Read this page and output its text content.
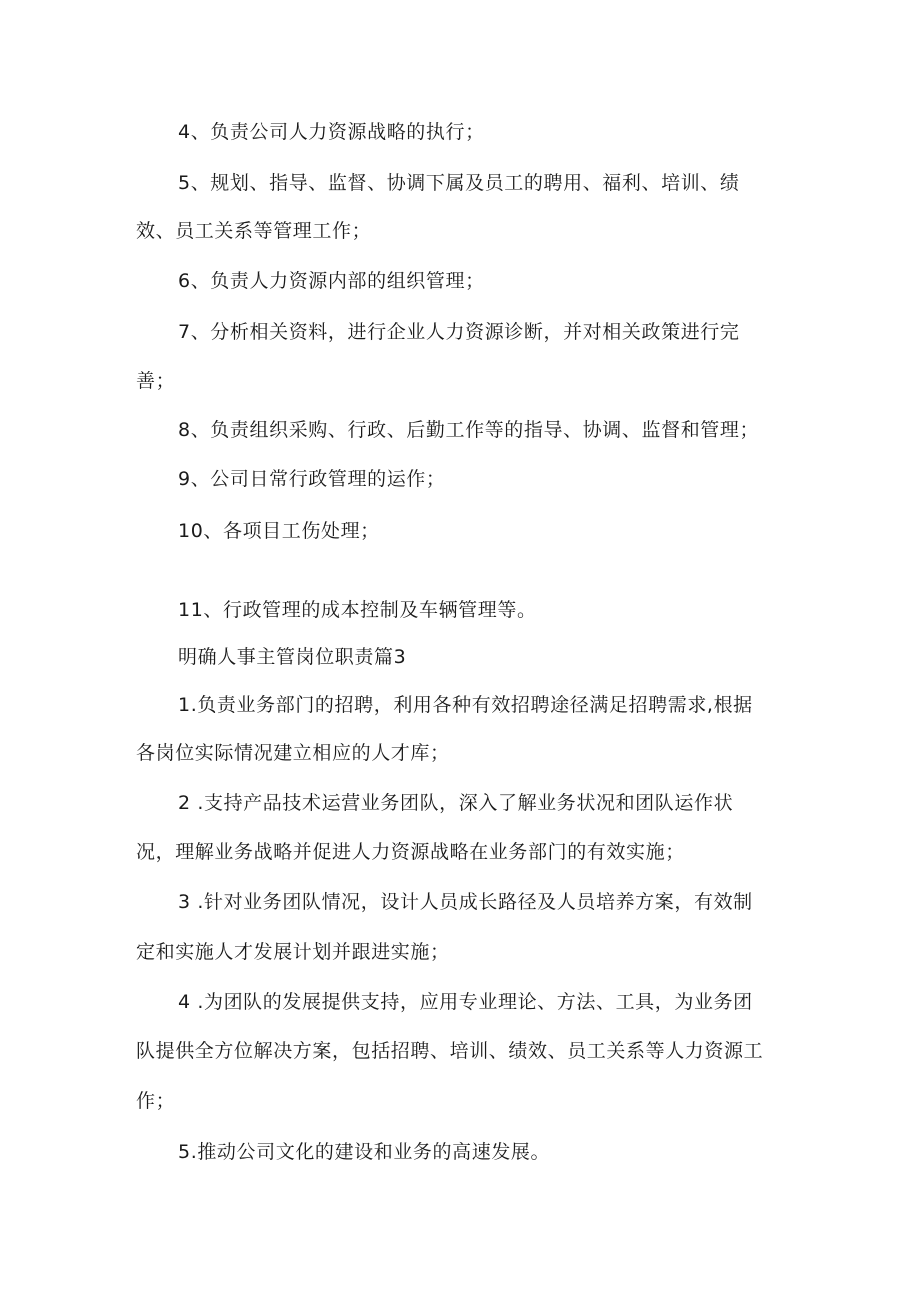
4、负责公司人力资源战略的执行；
5、规划、指导、监督、协调下属及员工的聘用、福利、培训、绩
效、员工关系等管理工作；
6、负责人力资源内部的组织管理；
7、分析相关资料，进行企业人力资源诊断，并对相关政策进行完
善；
8、负责组织采购、行政、后勤工作等的指导、协调、监督和管理；
9、公司日常行政管理的运作；
10、各项目工伤处理；
11、行政管理的成本控制及车辆管理等。
明确人事主管岗位职责篇3
1.负责业务部门的招聘，利用各种有效招聘途径满足招聘需求,根据
各岗位实际情况建立相应的人才库；
2 .支持产品技术运营业务团队，深入了解业务状况和团队运作状
况，理解业务战略并促进人力资源战略在业务部门的有效实施；
3 .针对业务团队情况，设计人员成长路径及人员培养方案，有效制
定和实施人才发展计划并跟进实施；
4 .为团队的发展提供支持，应用专业理论、方法、工具，为业务团
队提供全方位解决方案，包括招聘、培训、绩效、员工关系等人力资源工
作；
5.推动公司文化的建设和业务的高速发展。
